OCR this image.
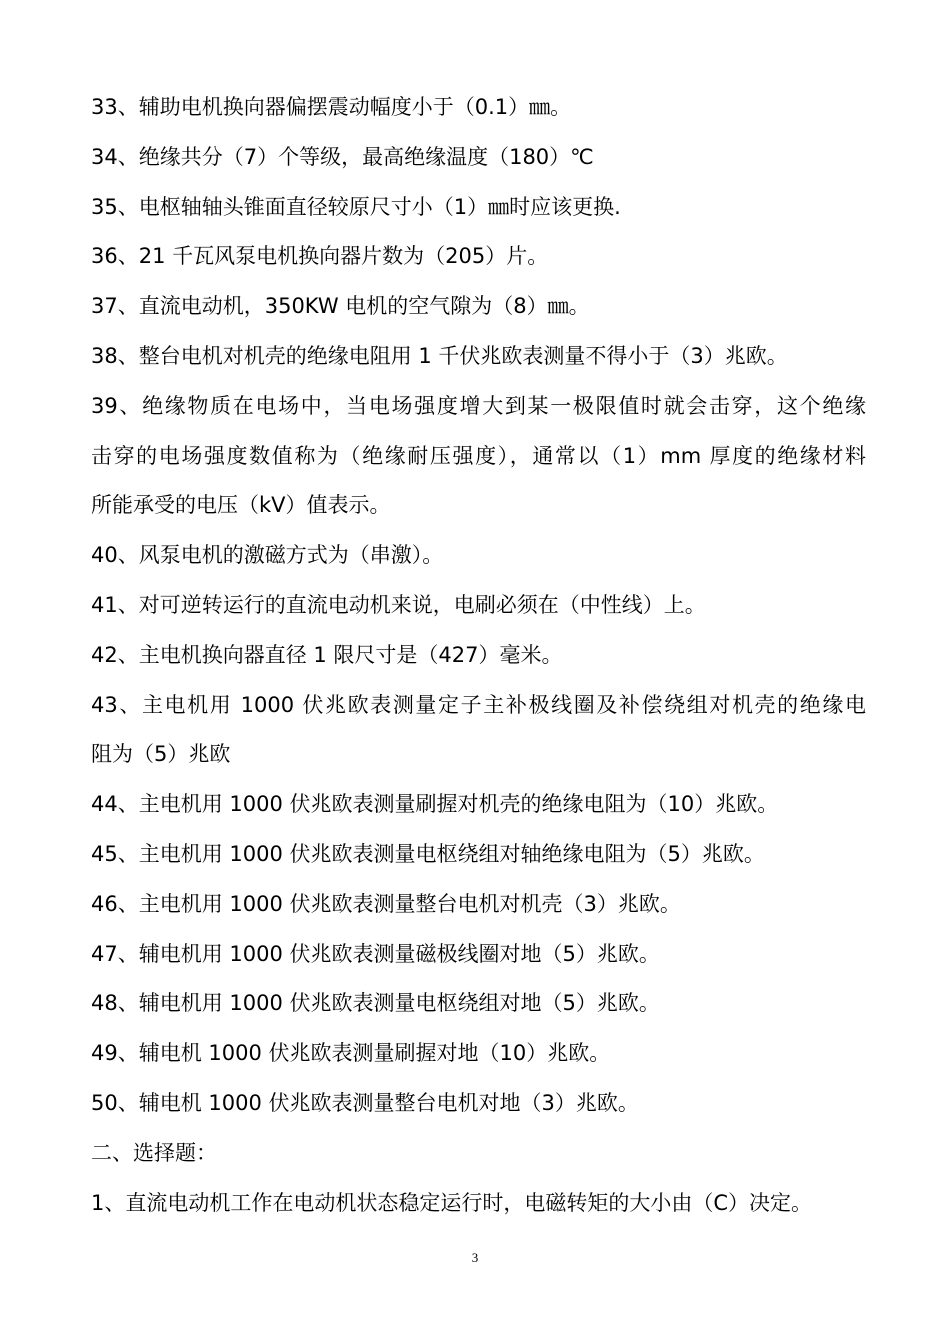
33、辅助电机换向器偏摆震动幅度小于（0.1）㎜。
34、绝缘共分（7）个等级，最高绝缘温度（180）℃
35、电枢轴轴头锥面直径较原尺寸小（1）㎜时应该更换.
36、21 千瓦风泵电机换向器片数为（205）片。
37、直流电动机，350KW 电机的空气隙为（8）㎜。
38、整台电机对机壳的绝缘电阻用 1 千伏兆欧表测量不得小于（3）兆欧。
39、绝缘物质在电场中，当电场强度增大到某一极限值时就会击穿，这个绝缘
击穿的电场强度数值称为（绝缘耐压强度），通常以（1）mm 厚度的绝缘材料
所能承受的电压（kV）值表示。
40、风泵电机的激磁方式为（串激）。
41、对可逆转运行的直流电动机来说，电刷必须在（中性线）上。
42、主电机换向器直径 1 限尺寸是（427）毫米。
43、主电机用 1000 伏兆欧表测量定子主补极线圈及补偿绕组对机壳的绝缘电
阻为（5）兆欧
44、主电机用 1000 伏兆欧表测量刷握对机壳的绝缘电阻为（10）兆欧。
45、主电机用 1000 伏兆欧表测量电枢绕组对轴绝缘电阻为（5）兆欧。
46、主电机用 1000 伏兆欧表测量整台电机对机壳（3）兆欧。
47、辅电机用 1000 伏兆欧表测量磁极线圈对地（5）兆欧。
48、辅电机用 1000 伏兆欧表测量电枢绕组对地（5）兆欧。
49、辅电机 1000 伏兆欧表测量刷握对地（10）兆欧。
50、辅电机 1000 伏兆欧表测量整台电机对地（3）兆欧。
二、选择题：
1、直流电动机工作在电动机状态稳定运行时，电磁转矩的大小由（C）决定。
3
